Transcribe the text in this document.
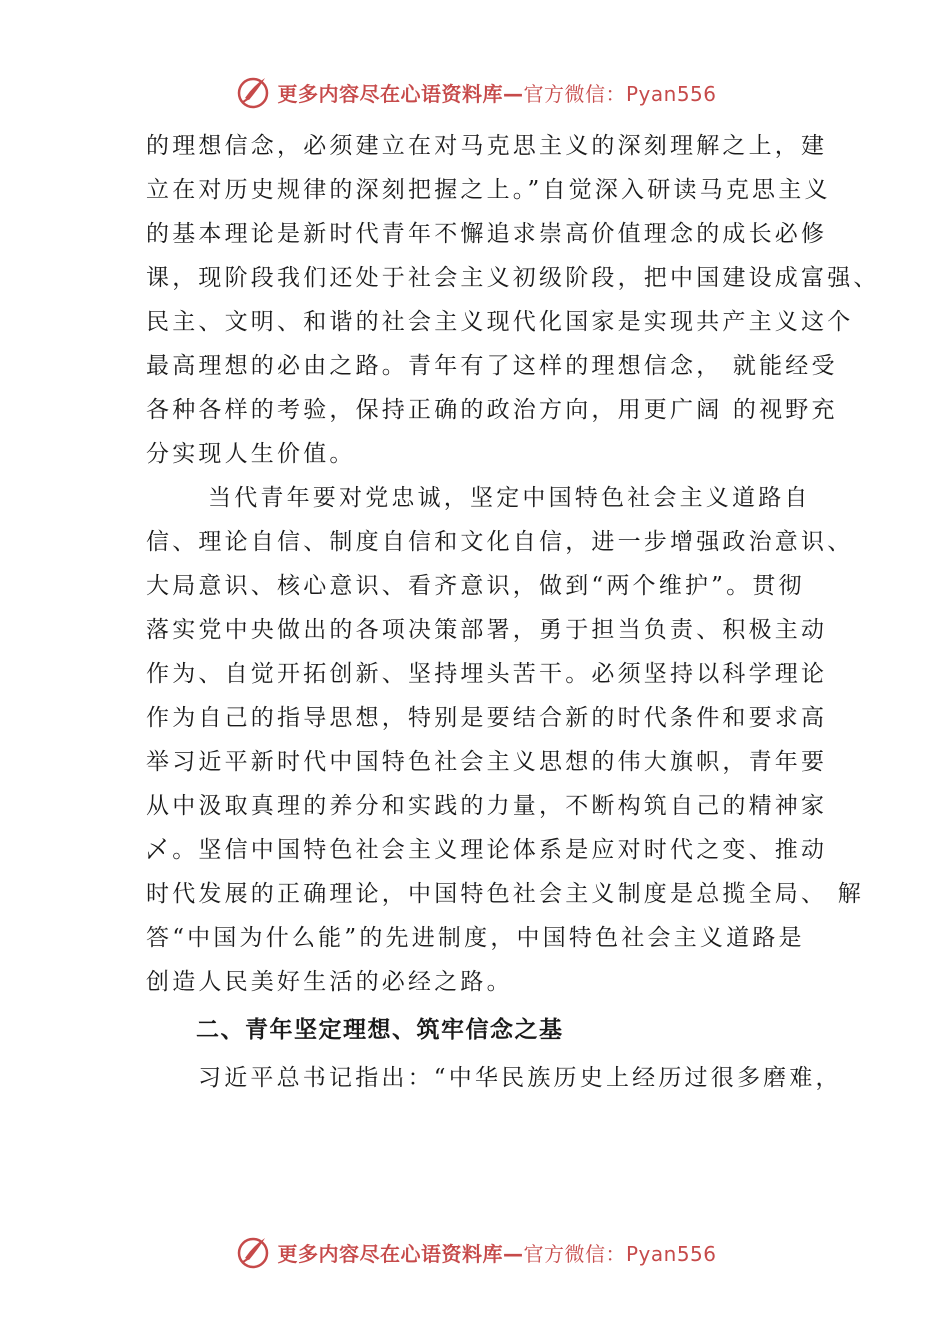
更多内容尽在心语资料库—官方微信：Pyan556
的理想信念，必须建立在对马克思主义的深刻理解之上，建
立在对历史规律的深刻把握之上。”自觉深入研读马克思主义
的基本理论是新时代青年不懈追求崇高价值理念的成长必修
课，现阶段我们还处于社会主义初级阶段，把中国建设成富强、
民主、文明、和谐的社会主义现代化国家是实现共产主义这个
最高理想的必由之路。青年有了这样的理想信念， 就能经受
各种各样的考验，保持正确的政治方向，用更广阔 的视野充
分实现人生价值。
当代青年要对党忠诚，坚定中国特色社会主义道路自
信、理论自信、制度自信和文化自信，进一步增强政治意识、
大局意识、核心意识、看齐意识，做到“两个维护”。贯彻
落实党中央做出的各项决策部署，勇于担当负责、积极主动
作为、自觉开拓创新、坚持埋头苦干。必须坚持以科学理论
作为自己的指导思想，特别是要结合新的时代条件和要求高
举习近平新时代中国特色社会主义思想的伟大旗帜，青年要
从中汲取真理的养分和实践的力量，不断构筑自己的精神家
乄。坚信中国特色社会主义理论体系是应对时代之变、推动
时代发展的正确理论，中国特色社会主义制度是总揽全局、 解
答“中国为什么能”的先进制度，中国特色社会主义道路是
创造人民美好生活的必经之路。
二、青年坚定理想、筑牢信念之基
习近平总书记指出：“中华民族历史上经历过很多磨难，
更多内容尽在心语资料库—官方微信：Pyan556
